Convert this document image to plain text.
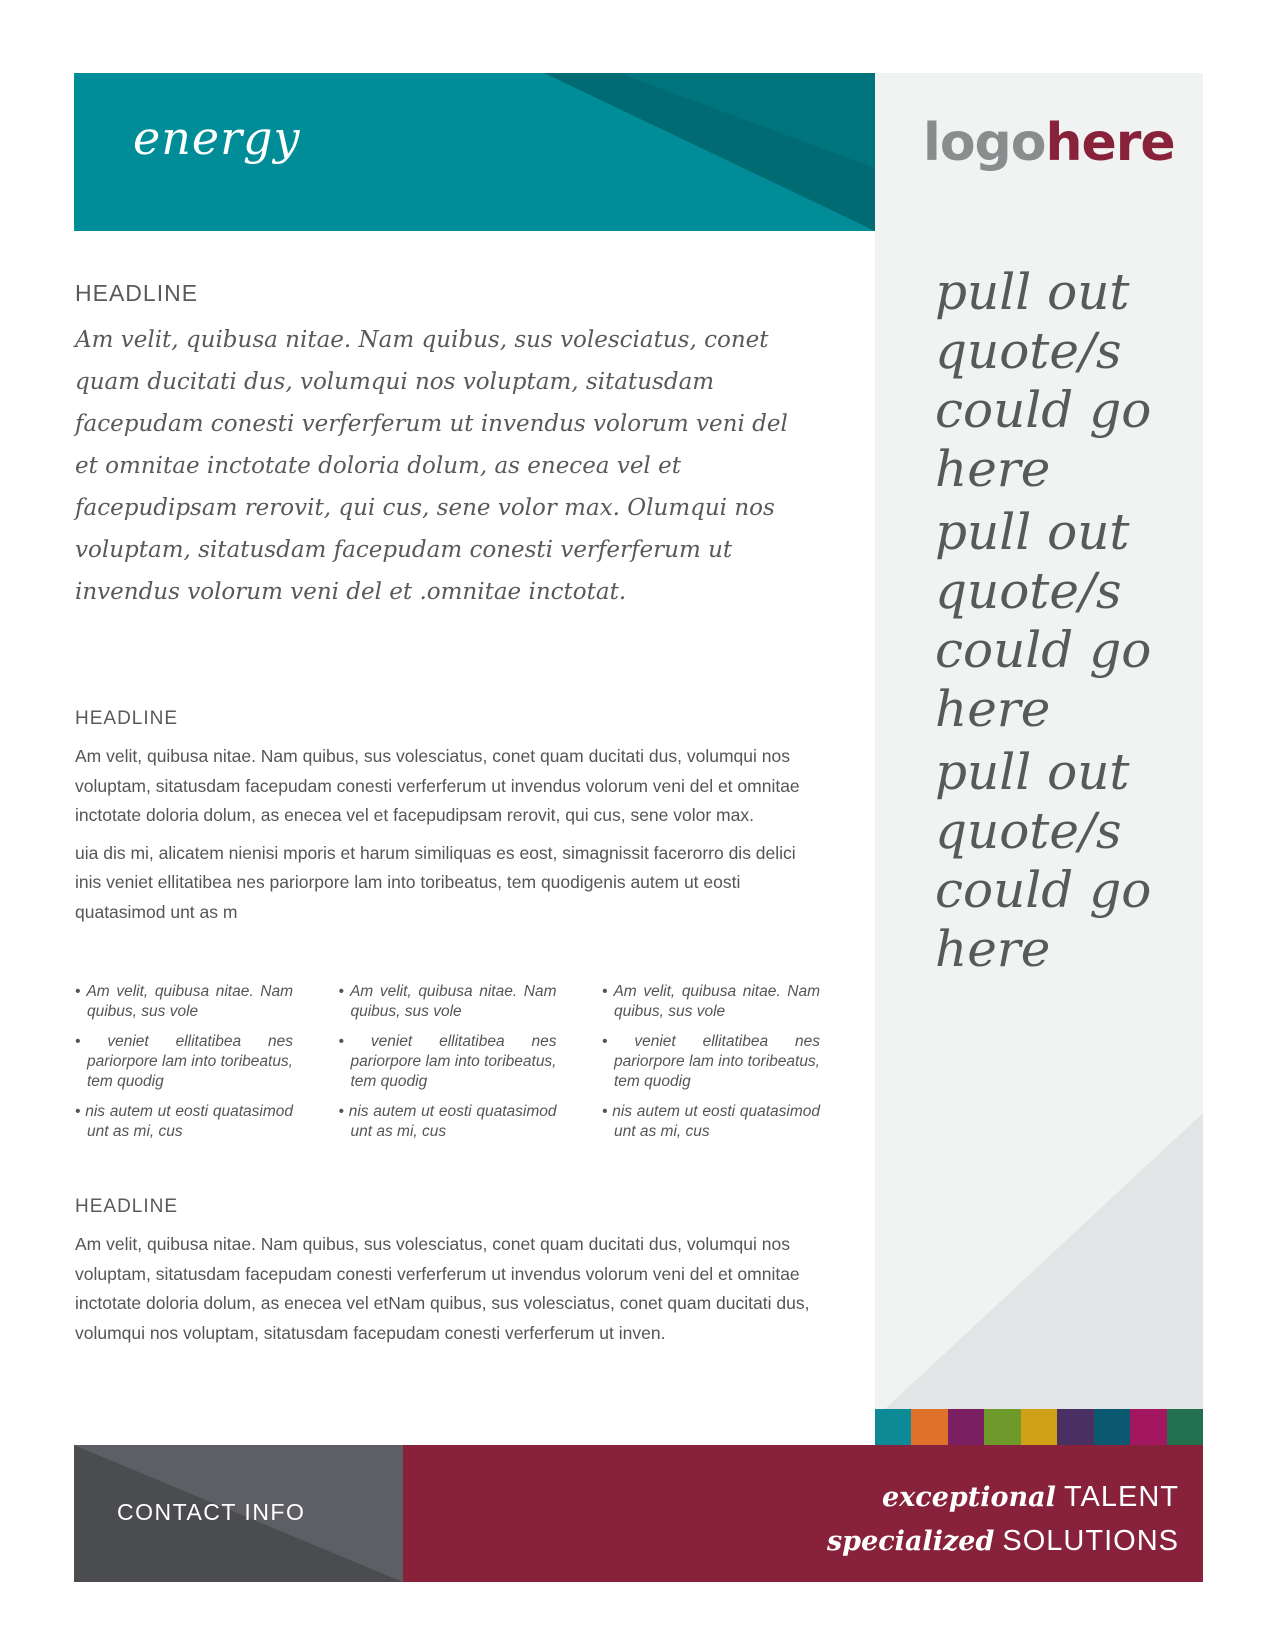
energy	logohere

pull out quote/s could go here
pull out quote/s could go here
pull out quote/s could go here
HEADLINE

Am velit, quibusa nitae. Nam quibus, sus volesciatus, conet quam ducitati dus, volumqui nos voluptam, sitatusdam facepudam conesti verferferum ut invendus volorum veni del et omnitae inctotate doloria dolum, as enecea vel et facepudipsam rerovit, qui cus, sene volor max. Olumqui nos voluptam, sitatusdam facepudam conesti verferferum ut invendus volorum veni del et .omnitae inctotat.

HEADLINE

Am velit, quibusa nitae. Nam quibus, sus volesciatus, conet quam ducitati dus, volumqui nos voluptam, sitatusdam facepudam conesti verferferum ut invendus volorum veni del et omnitae inctotate doloria dolum, as enecea vel et facepudipsam rerovit, qui cus, sene volor max.

uia dis mi, alicatem nienisi mporis et harum similiquas es eost, simagnissit facerorro dis delici inis veniet ellitatibea nes pariorpore lam into toribeatus, tem quodigenis autem ut eosti quatasimod unt as m

• Am velit, quibusa nitae. Nam quibus, sus vole
• veniet ellitatibea nes pariorpore lam into toribeatus, tem quodig
• nis autem ut eosti quatasimod unt as mi, cus
• Am velit, quibusa nitae. Nam quibus, sus vole
• veniet ellitatibea nes pariorpore lam into toribeatus, tem quodig
• nis autem ut eosti quatasimod unt as mi, cus
• Am velit, quibusa nitae. Nam quibus, sus vole
• veniet ellitatibea nes pariorpore lam into toribeatus, tem quodig
• nis autem ut eosti quatasimod unt as mi, cus
HEADLINE

Am velit, quibusa nitae. Nam quibus, sus volesciatus, conet quam ducitati dus, volumqui nos voluptam, sitatusdam facepudam conesti verferferum ut invendus volorum veni del et omnitae inctotate doloria dolum, as enecea vel etNam quibus, sus volesciatus, conet quam ducitati dus, volumqui nos voluptam, sitatusdam facepudam conesti verferferum ut inven.

CONTACT INFO	exceptional TALENT

specialized SOLUTIONS
